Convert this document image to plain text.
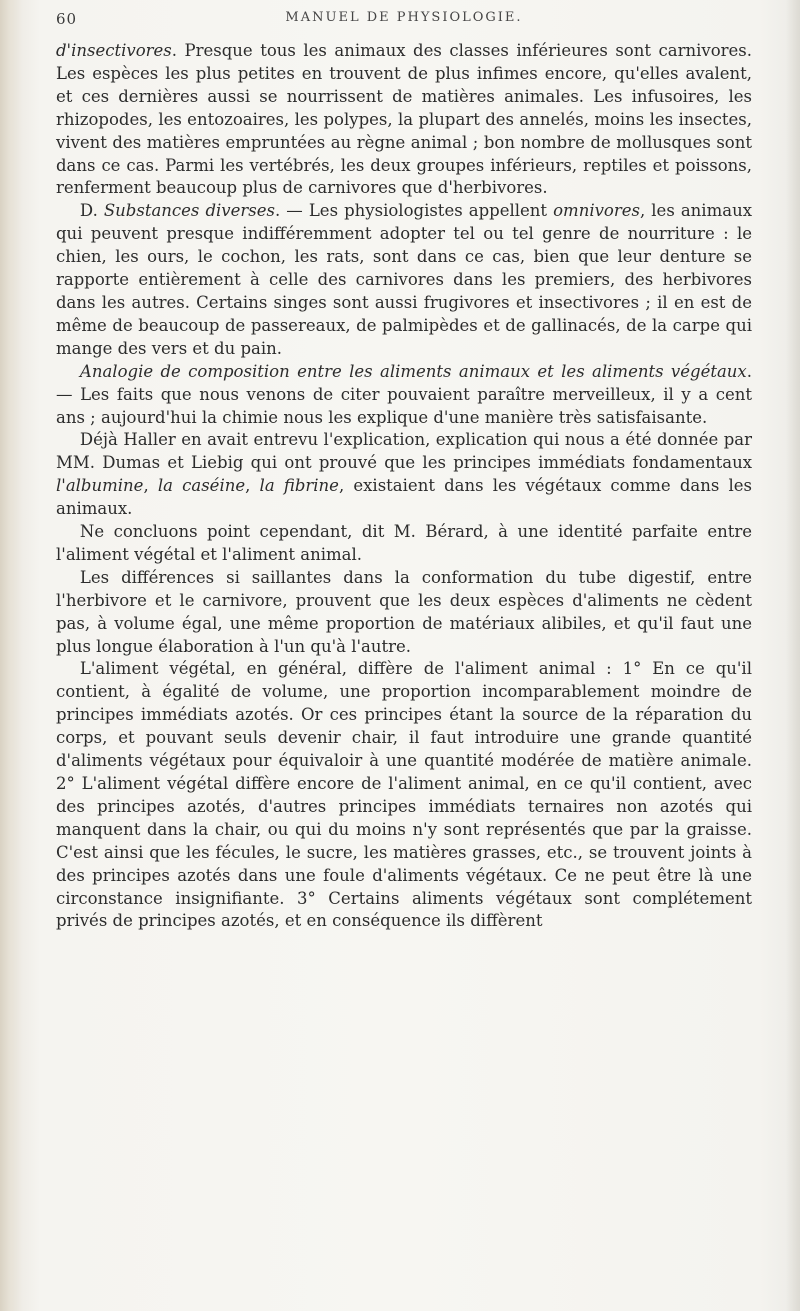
60	MANUEL DE PHYSIOLOGIE.

d'insectivores. Presque tous les animaux des classes inférieures sont carnivores. Les espèces les plus petites en trouvent de plus infimes encore, qu'elles avalent, et ces dernières aussi se nourrissent de matières animales. Les infusoires, les rhizopodes, les entozoaires, les polypes, la plupart des annelés, moins les insectes, vivent des matières empruntées au règne animal ; bon nombre de mollusques sont dans ce cas. Parmi les vertébrés, les deux groupes inférieurs, reptiles et poissons, renferment beaucoup plus de carnivores que d'herbivores.

D. Substances diverses. — Les physiologistes appellent omnivores, les animaux qui peuvent presque indifféremment adopter tel ou tel genre de nourriture : le chien, les ours, le cochon, les rats, sont dans ce cas, bien que leur denture se rapporte entièrement à celle des carnivores dans les premiers, des herbivores dans les autres. Certains singes sont aussi frugivores et insectivores ; il en est de même de beaucoup de passereaux, de palmipèdes et de gallinacés, de la carpe qui mange des vers et du pain.

Analogie de composition entre les aliments animaux et les aliments végétaux. — Les faits que nous venons de citer pouvaient paraître merveilleux, il y a cent ans ; aujourd'hui la chimie nous les explique d'une manière très satisfaisante.

Déjà Haller en avait entrevu l'explication, explication qui nous a été donnée par MM. Dumas et Liebig qui ont prouvé que les principes immédiats fondamentaux l'albumine, la caséine, la fibrine, existaient dans les végétaux comme dans les animaux.

Ne concluons point cependant, dit M. Bérard, à une identité parfaite entre l'aliment végétal et l'aliment animal.

Les différences si saillantes dans la conformation du tube digestif, entre l'herbivore et le carnivore, prouvent que les deux espèces d'aliments ne cèdent pas, à volume égal, une même proportion de matériaux alibiles, et qu'il faut une plus longue élaboration à l'un qu'à l'autre.

L'aliment végétal, en général, diffère de l'aliment animal : 1° En ce qu'il contient, à égalité de volume, une proportion incomparablement moindre de principes immédiats azotés. Or ces principes étant la source de la réparation du corps, et pouvant seuls devenir chair, il faut introduire une grande quantité d'aliments végétaux pour équivaloir à une quantité modérée de matière animale. 2° L'aliment végétal diffère encore de l'aliment animal, en ce qu'il contient, avec des principes azotés, d'autres principes immédiats ternaires non azotés qui manquent dans la chair, ou qui du moins n'y sont représentés que par la graisse. C'est ainsi que les fécules, le sucre, les matières grasses, etc., se trouvent joints à des principes azotés dans une foule d'aliments végétaux. Ce ne peut être là une circonstance insignifiante. 3° Certains aliments végétaux sont complétement privés de principes azotés, et en conséquence ils diffèrent
